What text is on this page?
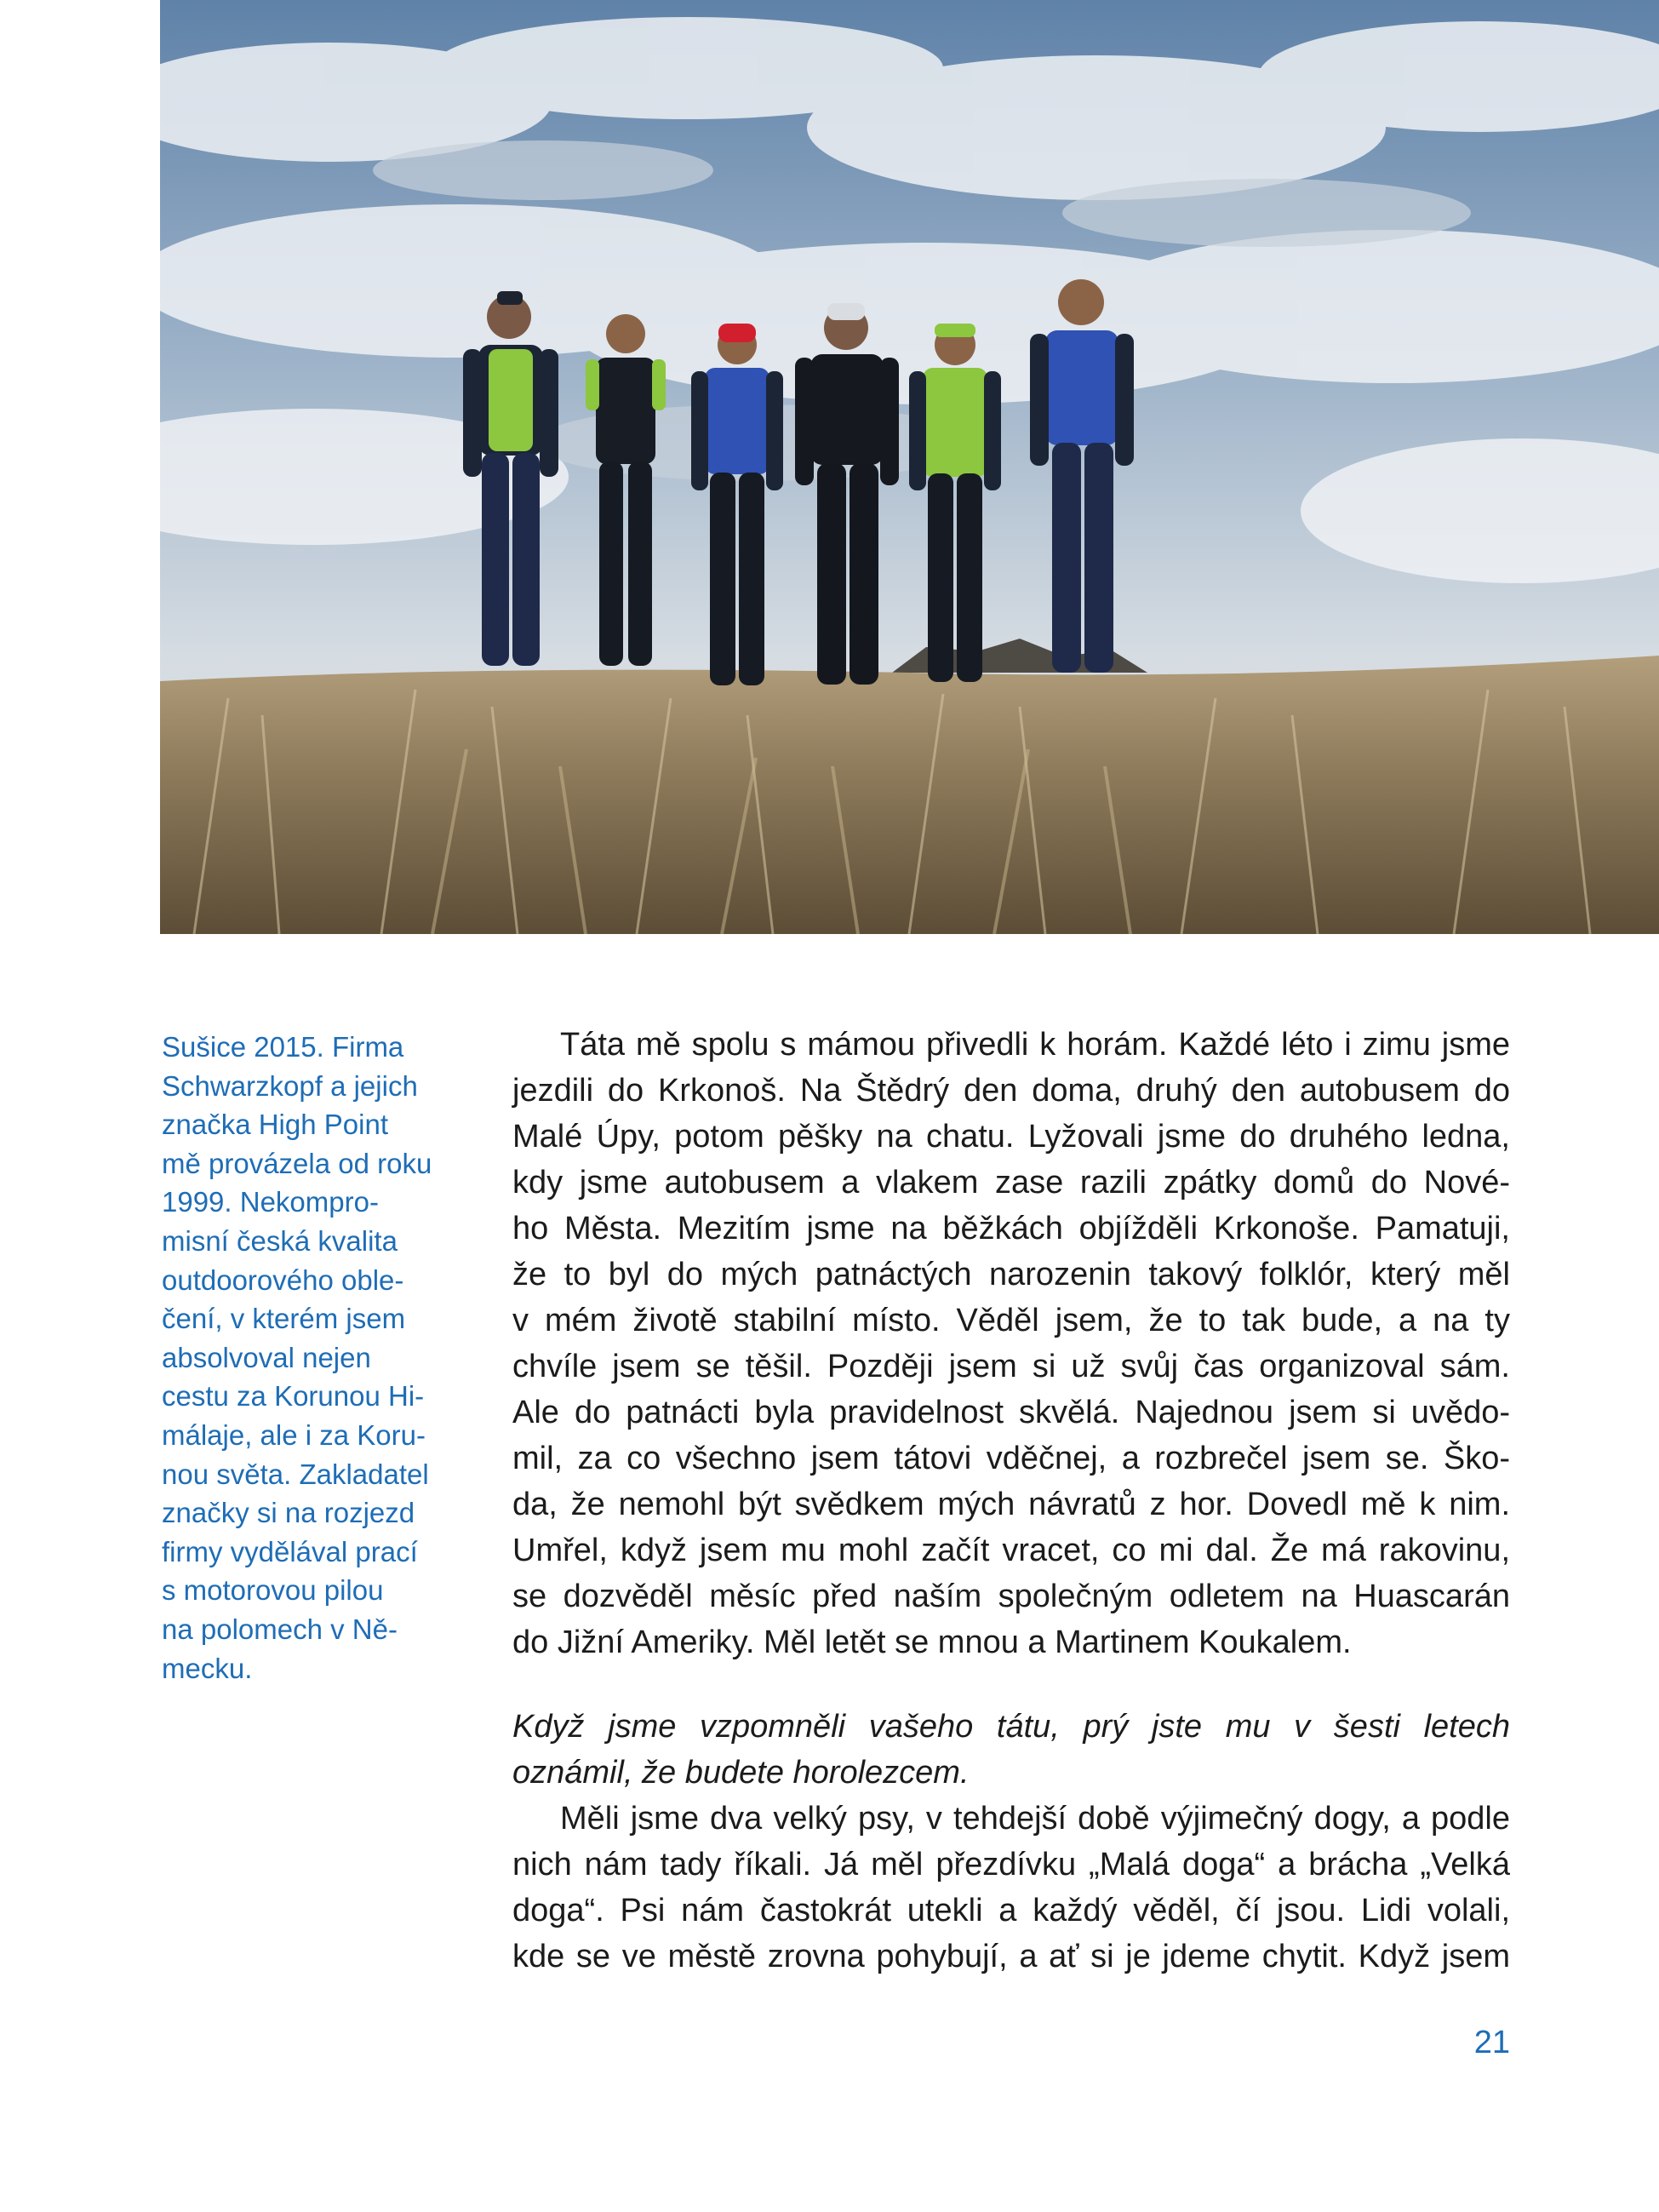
Sušice 2015. Firma
Schwarzkopf a jejich
značka High Point
mě provázela od roku
1999. Nekompro-
misní česká kvalita
outdoorového oble-
čení, v kterém jsem
absolvoval nejen
cestu za Korunou Hi-
málaje, ale i za Koru-
nou světa. Zakladatel
značky si na rozjezd
firmy vydělával prací
s motorovou pilou
na polomech v Ně-
mecku.
Táta mě spolu s mámou přivedli k horám. Každé léto i zimu jsme
jezdili do Krkonoš. Na Štědrý den doma, druhý den autobusem do
Malé Úpy, potom pěšky na chatu. Lyžovali jsme do druhého ledna,
kdy jsme autobusem a vlakem zase razili zpátky domů do Nové-
ho Města. Mezitím jsme na běžkách objížděli Krkonoše. Pamatuji,
že to byl do mých patnáctých narozenin takový folklór, který měl
v mém životě stabilní místo. Věděl jsem, že to tak bude, a na ty
chvíle jsem se těšil. Později jsem si už svůj čas organizoval sám.
Ale do patnácti byla pravidelnost skvělá. Najednou jsem si uvědo-
mil, za co všechno jsem tátovi vděčnej, a rozbrečel jsem se. Ško-
da, že nemohl být svědkem mých návratů z hor. Dovedl mě k nim.
Umřel, když jsem mu mohl začít vracet, co mi dal. Že má rakovinu,
se dozvěděl měsíc před naším společným odletem na Huascarán
do Jižní Ameriky. Měl letět se mnou a Martinem Koukalem.
Když jsme vzpomněli vašeho tátu, prý jste mu v šesti letech
oznámil, že budete horolezcem.
Měli jsme dva velký psy, v tehdejší době výjimečný dogy, a podle
nich nám tady říkali. Já měl přezdívku „Malá doga“ a brácha „Velká
doga“. Psi nám častokrát utekli a každý věděl, čí jsou. Lidi volali,
kde se ve městě zrovna pohybují, a ať si je jdeme chytit. Když jsem
21
